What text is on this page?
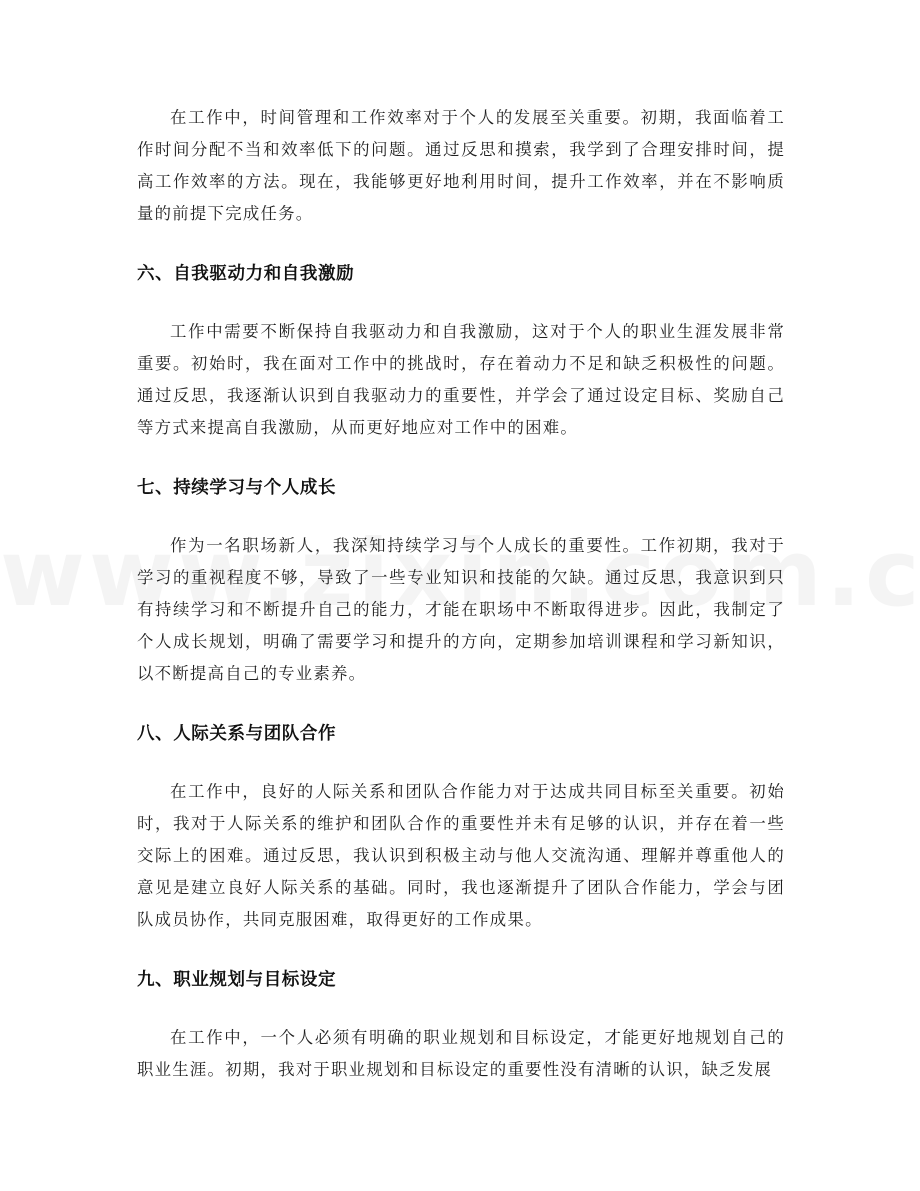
在工作中，时间管理和工作效率对于个人的发展至关重要。初期，我面临着工作时间分配不当和效率低下的问题。通过反思和摸索，我学到了合理安排时间，提高工作效率的方法。现在，我能够更好地利用时间，提升工作效率，并在不影响质量的前提下完成任务。

六、自我驱动力和自我激励

工作中需要不断保持自我驱动力和自我激励，这对于个人的职业生涯发展非常重要。初始时，我在面对工作中的挑战时，存在着动力不足和缺乏积极性的问题。通过反思，我逐渐认识到自我驱动力的重要性，并学会了通过设定目标、奖励自己等方式来提高自我激励，从而更好地应对工作中的困难。

七、持续学习与个人成长

作为一名职场新人，我深知持续学习与个人成长的重要性。工作初期，我对于学习的重视程度不够，导致了一些专业知识和技能的欠缺。通过反思，我意识到只有持续学习和不断提升自己的能力，才能在职场中不断取得进步。因此，我制定了个人成长规划，明确了需要学习和提升的方向，定期参加培训课程和学习新知识，以不断提高自己的专业素养。

八、人际关系与团队合作

在工作中，良好的人际关系和团队合作能力对于达成共同目标至关重要。初始时，我对于人际关系的维护和团队合作的重要性并未有足够的认识，并存在着一些交际上的困难。通过反思，我认识到积极主动与他人交流沟通、理解并尊重他人的意见是建立良好人际关系的基础。同时，我也逐渐提升了团队合作能力，学会与团队成员协作，共同克服困难，取得更好的工作成果。

九、职业规划与目标设定

在工作中，一个人必须有明确的职业规划和目标设定，才能更好地规划自己的职业生涯。初期，我对于职业规划和目标设定的重要性没有清晰的认识，缺乏发展
